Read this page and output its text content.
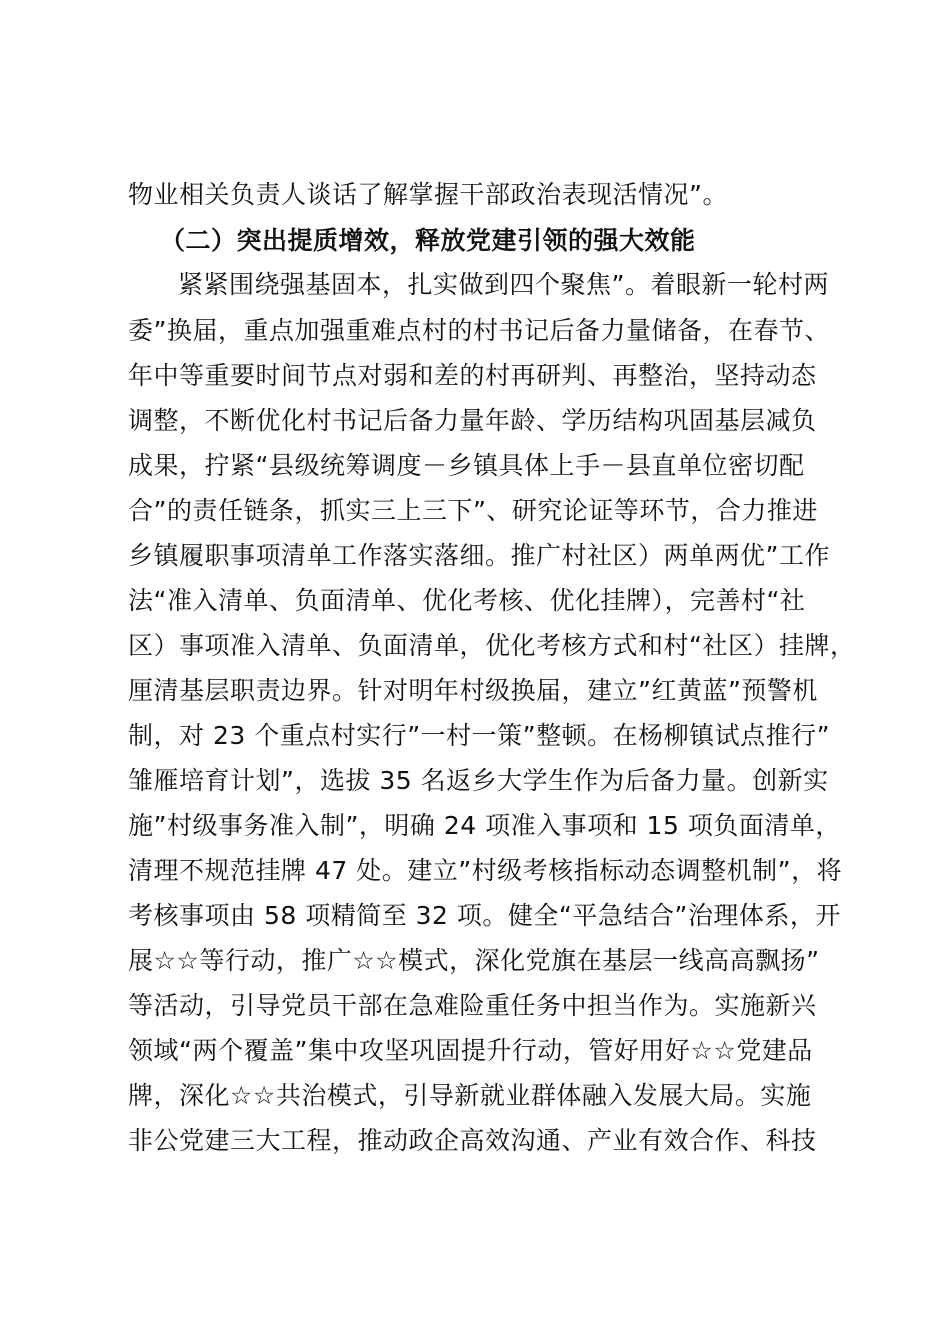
物业相关负责人谈话了解掌握干部政治表现活情况”。
（二）突出提质增效，释放党建引领的强大效能
紧紧围绕强基固本，扎实做到四个聚焦”。着眼新一轮村两
委”换届，重点加强重难点村的村书记后备力量储备，在春节、
年中等重要时间节点对弱和差的村再研判、再整治，坚持动态
调整，不断优化村书记后备力量年龄、学历结构巩固基层减负
成果，拧紧“县级统筹调度－乡镇具体上手－县直单位密切配
合”的责任链条，抓实三上三下”、研究论证等环节，合力推进
乡镇履职事项清单工作落实落细。推广村社区）两单两优”工作
法“准入清单、负面清单、优化考核、优化挂牌），完善村“社
区）事项准入清单、负面清单，优化考核方式和村“社区）挂牌，
厘清基层职责边界。针对明年村级换届，建立”红黄蓝”预警机
制，对 23 个重点村实行”一村一策”整顿。在杨柳镇试点推行”
雏雁培育计划”，选拔 35 名返乡大学生作为后备力量。创新实
施”村级事务准入制”，明确 24 项准入事项和 15 项负面清单，
清理不规范挂牌 47 处。建立”村级考核指标动态调整机制”，将
考核事项由 58 项精简至 32 项。健全“平急结合”治理体系，开
展☆☆等行动，推广☆☆模式，深化党旗在基层一线高高飘扬”
等活动，引导党员干部在急难险重任务中担当作为。实施新兴
领域“两个覆盖”集中攻坚巩固提升行动，管好用好☆☆党建品
牌，深化☆☆共治模式，引导新就业群体融入发展大局。实施
非公党建三大工程，推动政企高效沟通、产业有效合作、科技
